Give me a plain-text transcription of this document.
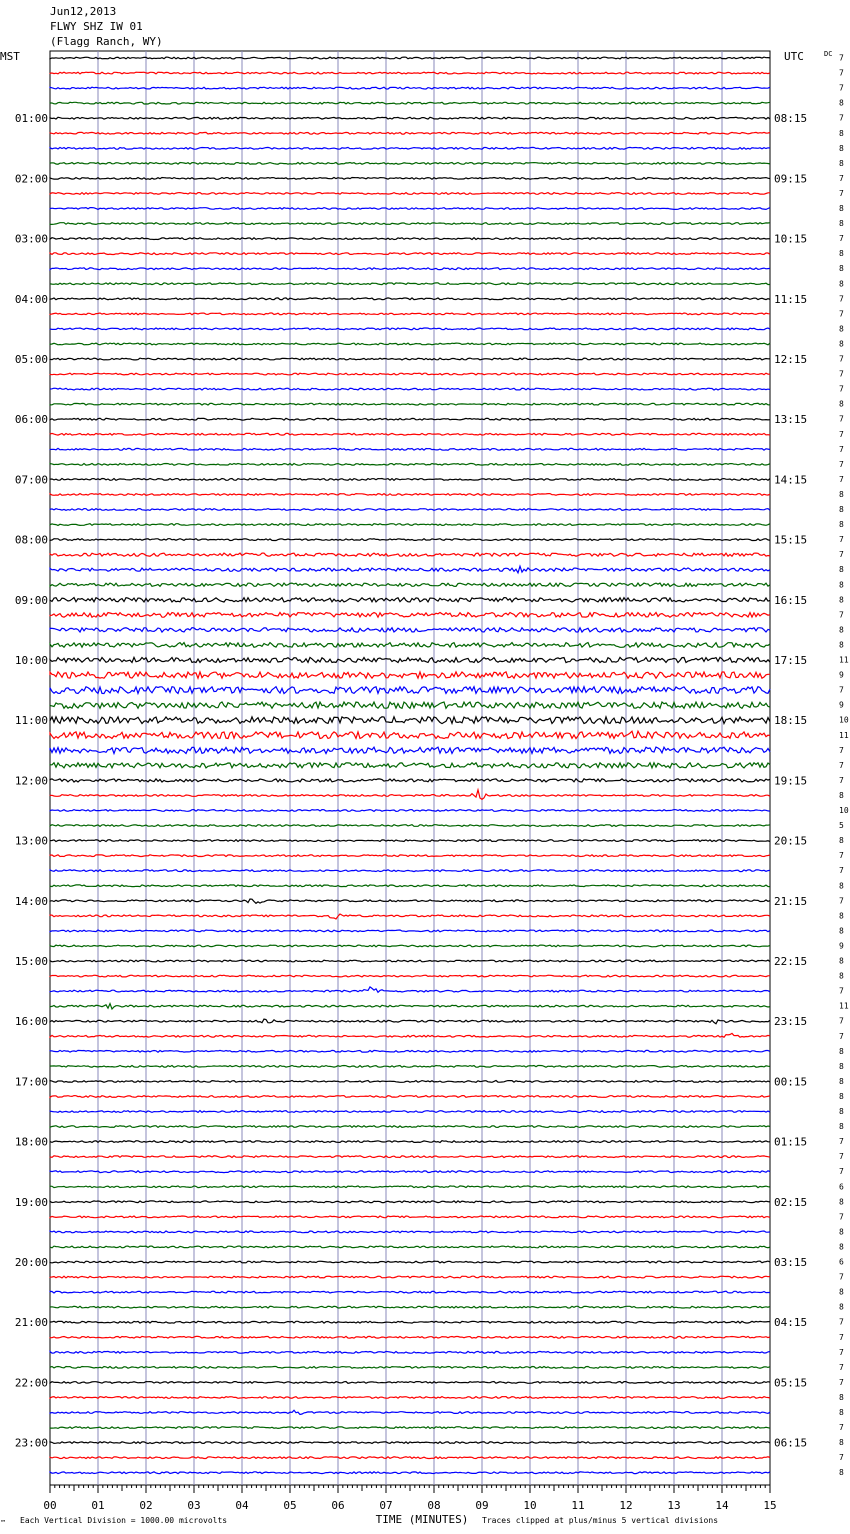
Jun12,2013
FLWY SHZ IW 01
(Flagg Ranch, WY)
7
7
7
8
7
8
8
8
7
7
8
8
7
8
8
8
7
7
8
8
7
7
7
8
7
7
7
7
7
8
8
8
7
7
8
8
8
7
8
8
11
9
7
9
10
11
7
7
7
8
10
5
8
7
7
8
7
8
8
9
8
8
7
11
7
7
8
8
8
8
8
8
7
7
7
6
8
7
8
8
6
7
8
8
7
7
7
7
7
8
8
7
8
7
8
MST	UTC	DC
01:00
02:00
03:00
04:00
05:00
06:00
07:00
08:00
09:00
10:00
11:00
12:00
13:00
14:00
15:00
16:00
17:00
18:00
19:00
20:00
21:00
22:00
23:00
08:15
09:15
10:15
11:15
12:15
13:15
14:15
15:15
16:15
17:15
18:15
19:15
20:15
21:15
22:15
23:15
00:15
01:15
02:15
03:15
04:15
05:15
06:15
00	01	02	03	04	05	06	07	08	09	10	11	12	13	14	15
TIME (MINUTES)
Each Vertical Division = 1000.00 microvolts	Traces clipped at plus/minus 5 vertical divisions
™
